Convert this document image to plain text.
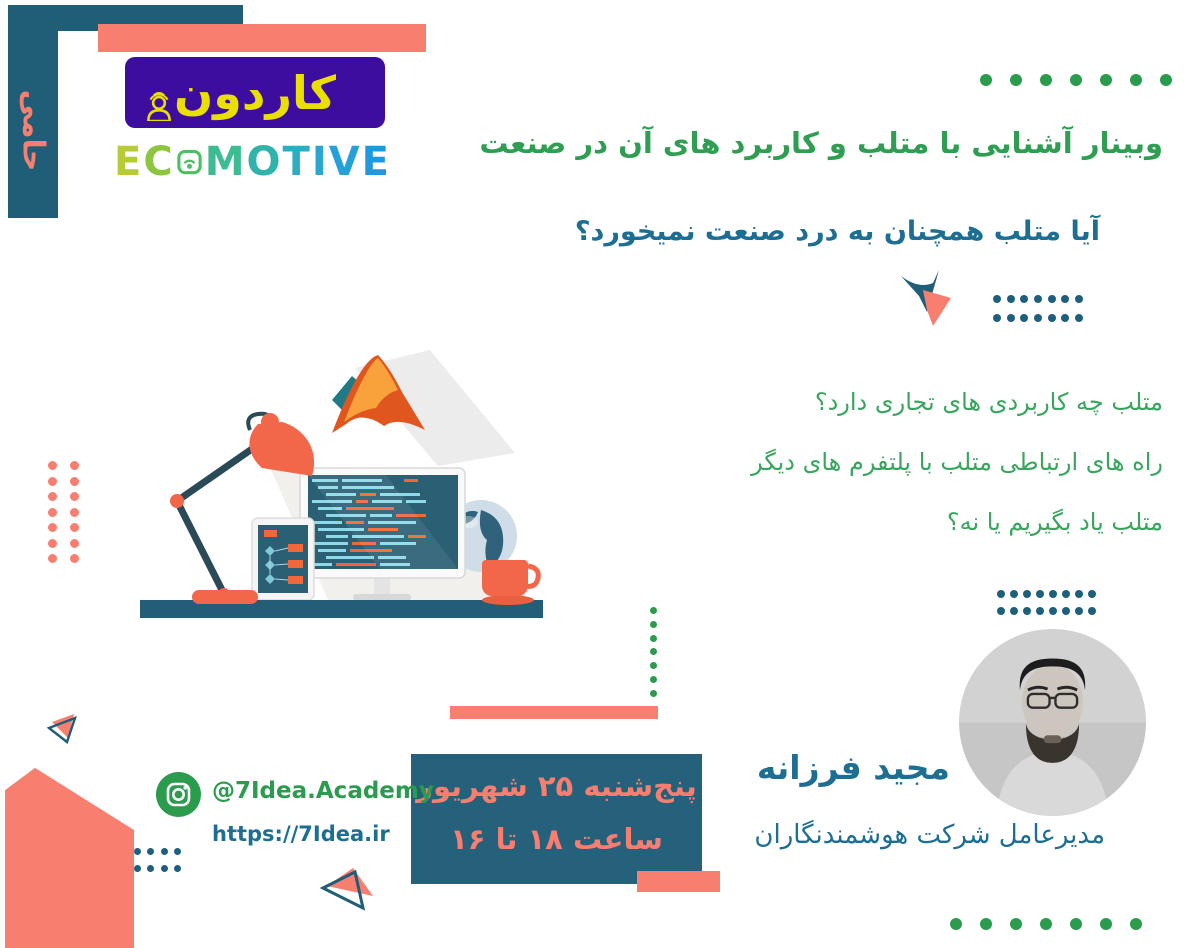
حامی	کاردون
E C M O T I V E	وبینار آشنایی با متلب و کاربرد های آن در صنعت
آیا متلب همچنان به درد صنعت نمیخورد؟
متلب چه کاربردی های تجاری دارد؟
راه های ارتباطی متلب با پلتفرم های دیگر
متلب یاد بگیریم یا نه؟
پنج‌شنبه ۲۵ شهریور
ساعت ۱۸ تا ۱۶
@7Idea.Academy
https://7Idea.ir
مجید فرزانه
مدیرعامل شرکت هوشمندنگاران
